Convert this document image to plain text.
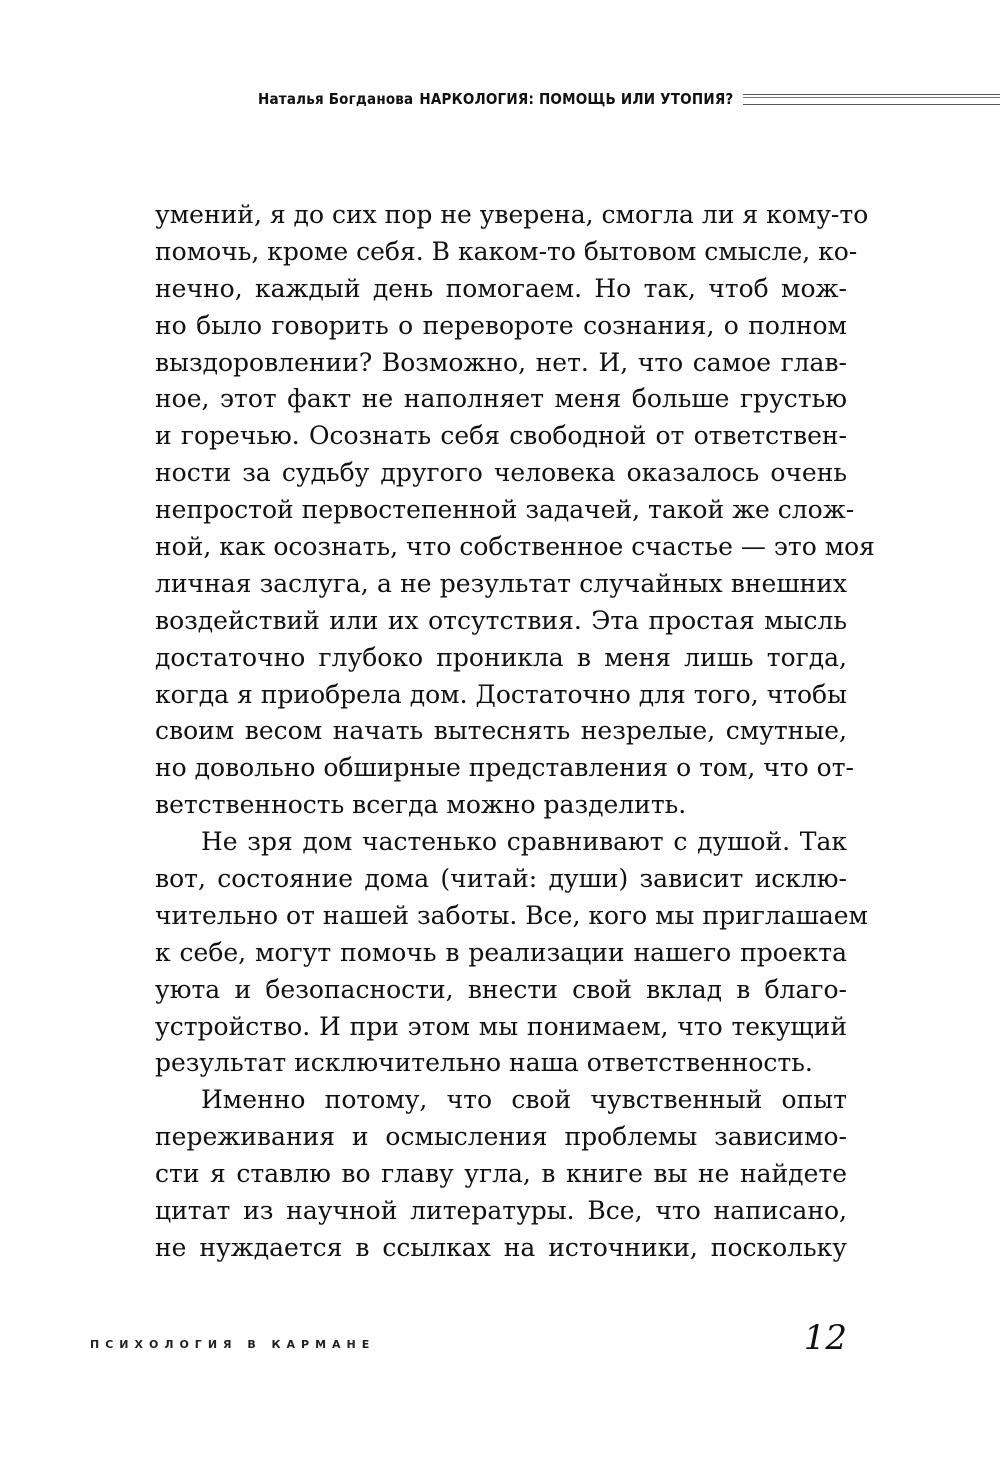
Наталья Богданова НАРКОЛОГИЯ: ПОМОЩЬ ИЛИ УТОПИЯ?
умений, я до сих пор не уверена, смогла ли я кому-то
помочь, кроме себя. В каком-то бытовом смысле, ко-
нечно, каждый день помогаем. Но так, чтоб мож-
но было говорить о перевороте сознания, о полном
выздоровлении? Возможно, нет. И, что самое глав-
ное, этот факт не наполняет меня больше грустью
и горечью. Осознать себя свободной от ответствен-
ности за судьбу другого человека оказалось очень
непростой первостепенной задачей, такой же слож-
ной, как осознать, что собственное счастье — это моя
личная заслуга, а не результат случайных внешних
воздействий или их отсутствия. Эта простая мысль
достаточно глубоко проникла в меня лишь тогда,
когда я приобрела дом. Достаточно для того, чтобы
своим весом начать вытеснять незрелые, смутные,
но довольно обширные представления о том, что от-
ветственность всегда можно разделить.
Не зря дом частенько сравнивают с душой. Так
вот, состояние дома (читай: души) зависит исклю-
чительно от нашей заботы. Все, кого мы приглашаем
к себе, могут помочь в реализации нашего проекта
уюта и безопасности, внести свой вклад в благо-
устройство. И при этом мы понимаем, что текущий
результат исключительно наша ответственность.
Именно потому, что свой чувственный опыт
переживания и осмысления проблемы зависимо-
сти я ставлю во главу угла, в книге вы не найдете
цитат из научной литературы. Все, что написано,
не нуждается в ссылках на источники, поскольку
ПСИХОЛОГИЯ В КАРМАНЕ	12
